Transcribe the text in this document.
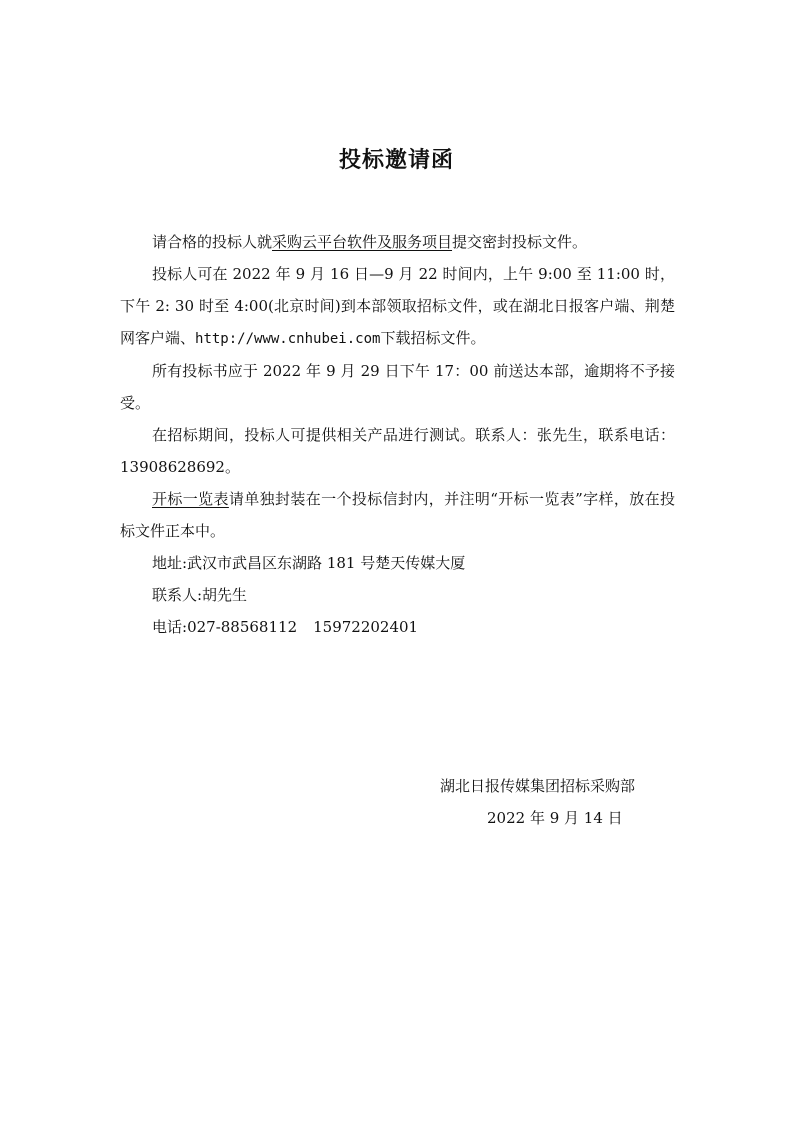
投标邀请函

请合格的投标人就采购云平台软件及服务项目提交密封投标文件。

投标人可在 2022 年 9 月 16 日—9 月 22 时间内，上午 9:00 至 11:00 时，下午 2: 30 时至 4:00(北京时间)到本部领取招标文件，或在湖北日报客户端、荆楚网客户端、http://www.cnhubei.com下载招标文件。

所有投标书应于 2022 年 9 月 29 日下午 17：00 前送达本部，逾期将不予接受。

在招标期间，投标人可提供相关产品进行测试。联系人：张先生，联系电话：13908628692。

开标一览表请单独封装在一个投标信封内，并注明“开标一览表”字样，放在投标文件正本中。

地址:武汉市武昌区东湖路 181 号楚天传媒大厦

联系人:胡先生

电话:027-88568112 15972202401

湖北日报传媒集团招标采购部
2022 年 9 月 14 日
